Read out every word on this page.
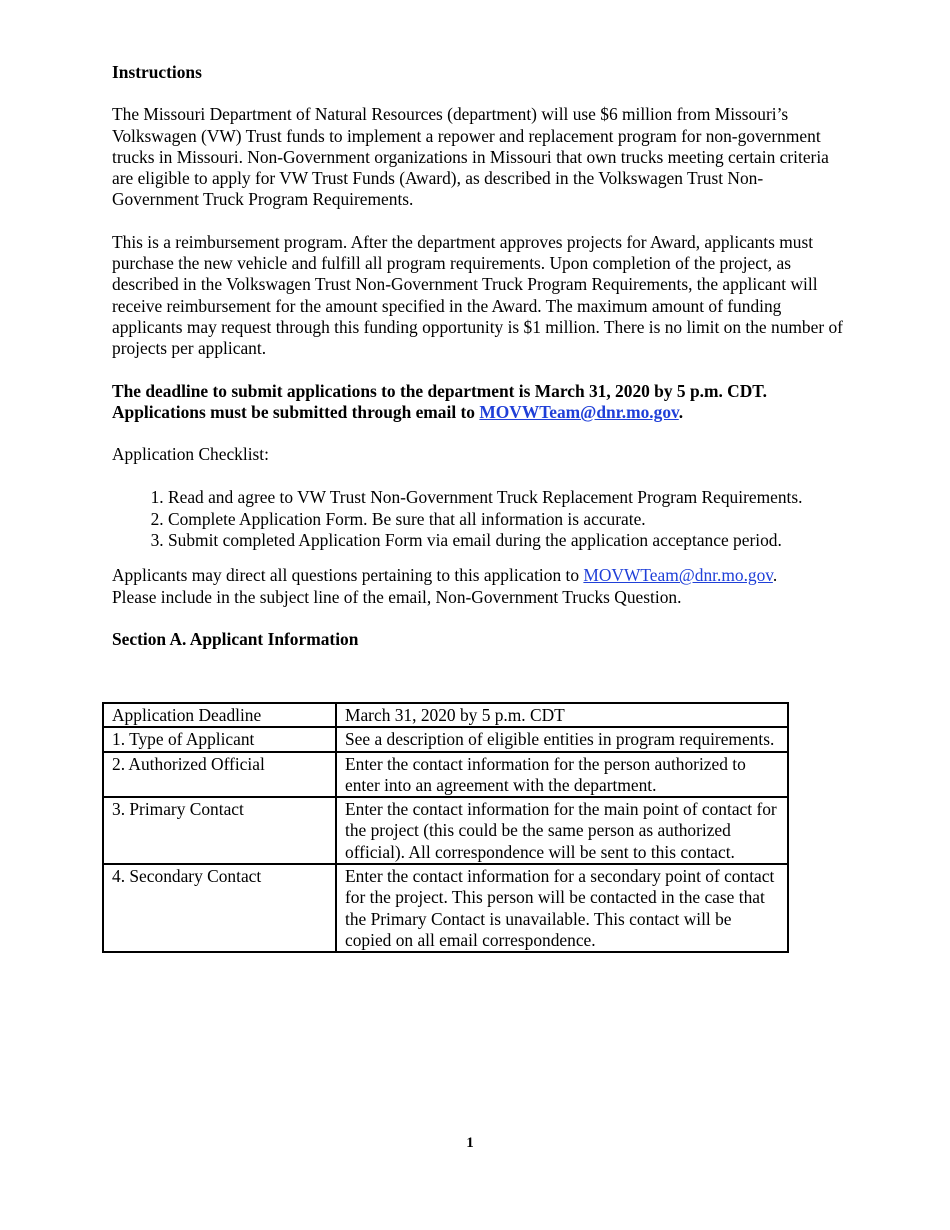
Instructions

The Missouri Department of Natural Resources (department) will use $6 million from Missouri’s Volkswagen (VW) Trust funds to implement a repower and replacement program for non-government trucks in Missouri. Non-Government organizations in Missouri that own trucks meeting certain criteria are eligible to apply for VW Trust Funds (Award), as described in the Volkswagen Trust Non-Government Truck Program Requirements.

This is a reimbursement program. After the department approves projects for Award, applicants must purchase the new vehicle and fulfill all program requirements. Upon completion of the project, as described in the Volkswagen Trust Non-Government Truck Program Requirements, the applicant will receive reimbursement for the amount specified in the Award. The maximum amount of funding applicants may request through this funding opportunity is $1 million. There is no limit on the number of projects per applicant.

The deadline to submit applications to the department is March 31, 2020 by 5 p.m. CDT.
Applications must be submitted through email to MOVWTeam@dnr.mo.gov.

Application Checklist:

1. Read and agree to VW Trust Non-Government Truck Replacement Program Requirements.
2. Complete Application Form. Be sure that all information is accurate.
3. Submit completed Application Form via email during the application acceptance period.

Applicants may direct all questions pertaining to this application to MOVWTeam@dnr.mo.gov.
Please include in the subject line of the email, Non-Government Trucks Question.

Section A. Applicant Information
Application Deadline	March 31, 2020 by 5 p.m. CDT
1. Type of Applicant	See a description of eligible entities in program requirements.
2. Authorized Official	Enter the contact information for the person authorized to enter into an agreement with the department.
3. Primary Contact	Enter the contact information for the main point of contact for the project (this could be the same person as authorized official). All correspondence will be sent to this contact.
4. Secondary Contact	Enter the contact information for a secondary point of contact for the project. This person will be contacted in the case that the Primary Contact is unavailable. This contact will be copied on all email correspondence.
1
